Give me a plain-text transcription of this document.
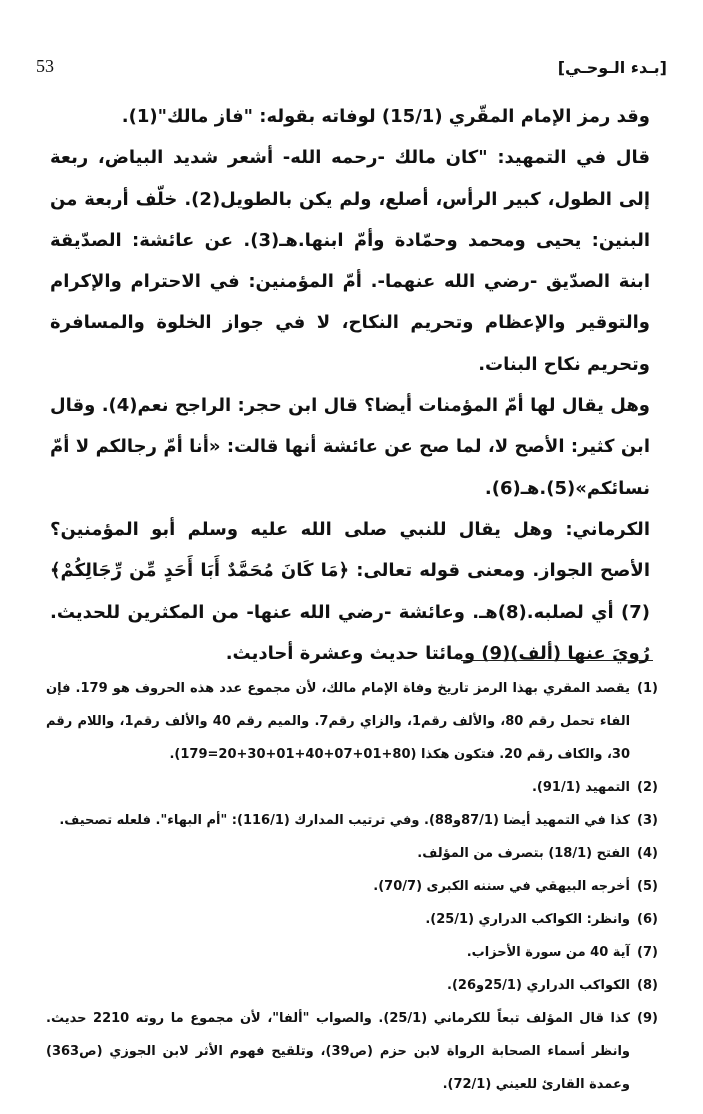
53	[بـدء الـوحـي]

وقد رمز الإمام المقّري (15/1) لوفاته بقوله: "فاز مالك"(1).

قال في التمهيد: "كان مالك -رحمه الله- أشعر شديد البياض، ربعة إلى الطول، كبير الرأس، أصلع، ولم يكن بالطويل(2). خلّف أربعة من البنين: يحيى ومحمد وحمّادة وأمّ ابنها.هـ(3). عن عائشة: الصدّيقة ابنة الصدّيق -رضي الله عنهما-. أمّ المؤمنين: في الاحترام والإكرام والتوقير والإعظام وتحريم النكاح، لا في جواز الخلوة والمسافرة وتحريم نكاح البنات.

وهل يقال لها أمّ المؤمنات أيضا؟ قال ابن حجر: الراجح نعم(4). وقال ابن كثير: الأصح لا، لما صح عن عائشة أنها قالت: «أنا أمّ رجالكم لا أمّ نسائكم»(5).هـ(6).

الكرماني: وهل يقال للنبي صلى الله عليه وسلم أبو المؤمنين؟ الأصح الجواز. ومعنى قوله تعالى: ﴿مَا كَانَ مُحَمَّدٌ أَبَا أَحَدٍ مِّن رِّجَالِكُمْ﴾(7) أي لصلبه.(8)هـ. وعائشة -رضي الله عنها- من المكثرين للحديث. رُويَ عنها (ألف)(9) ومائتا حديث وعشرة أحاديث.

(1)
يقصد المقري بهذا الرمز تاريخ وفاة الإمام مالك، لأن مجموع عدد هذه الحروف هو 179. فإن الفاء تحمل رقم 80، والألف رقم1، والزاي رقم7. والميم رقم 40 والألف رقم1، واللام رقم 30، والكاف رقم 20. فتكون هكذا (80+01+07+40+01+30+20=179).
(2)
التمهيد (91/1).
(3)
كذا في التمهيد أيضا (87/1و88). وفي ترتيب المدارك (116/1): "أم البهاء". فلعله تصحيف.
(4)
الفتح (18/1) بتصرف من المؤلف.
(5)
أخرجه البيهقي في سننه الكبرى (70/7).
(6)
وانظر: الكواكب الدراري (25/1).
(7)
آية 40 من سورة الأحزاب.
(8)
الكواكب الدراري (25/1و26).
(9)
كذا قال المؤلف تبعاً للكرماني (25/1). والصواب "ألفا"، لأن مجموع ما روته 2210 حديث. وانظر أسماء الصحابة الرواة لابن حزم (ص39)، وتلقيح فهوم الأثر لابن الجوزي (ص363) وعمدة القارئ للعيني (72/1).
